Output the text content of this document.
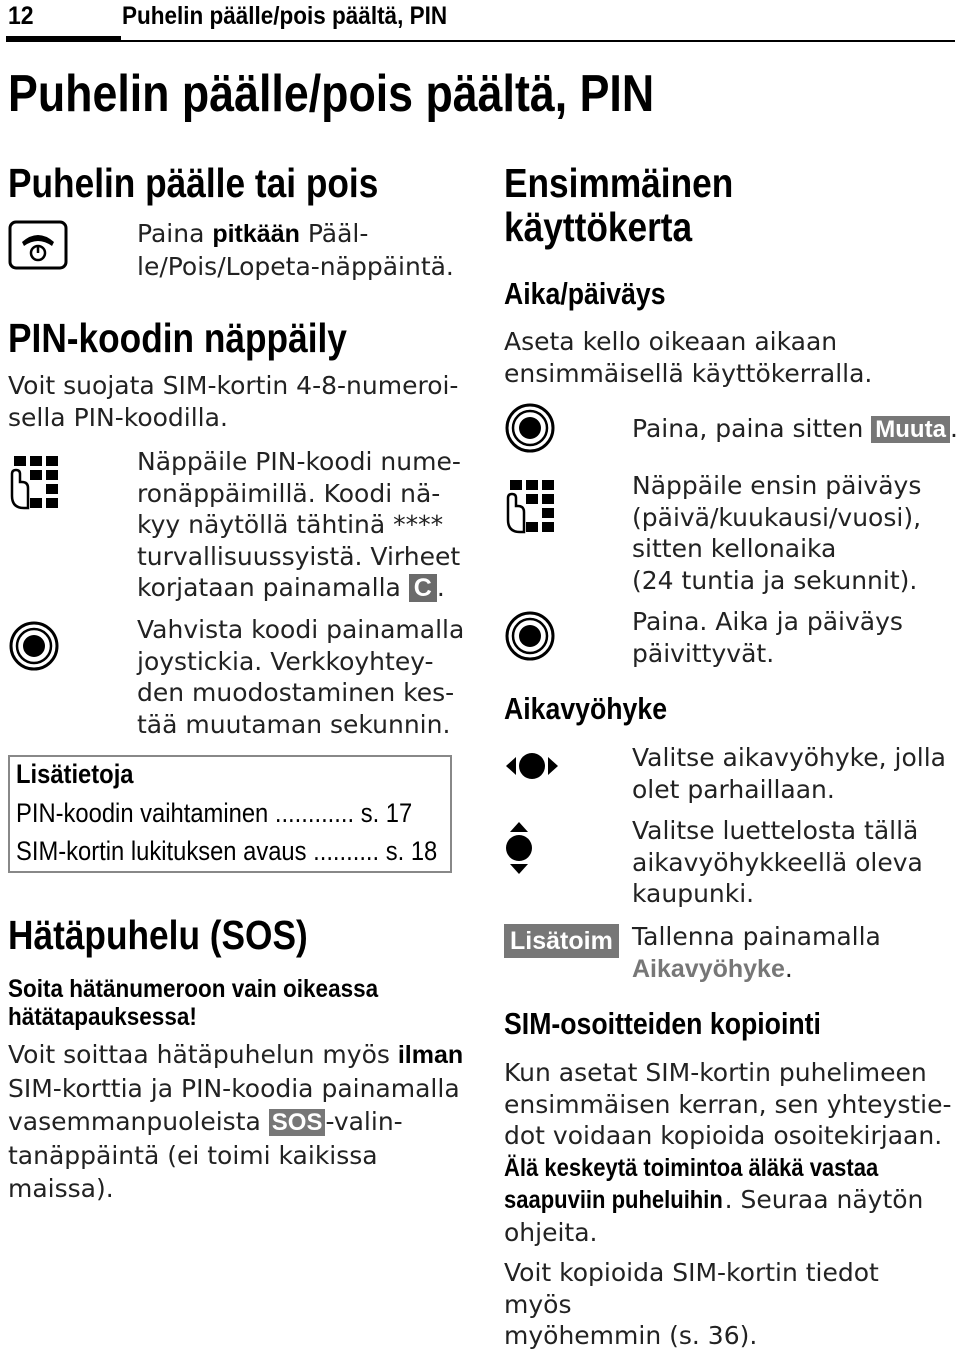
12	Puhelin päälle/pois päältä, PIN
Puhelin päälle/pois päältä, PIN
Puhelin päälle tai pois
Paina pitkään Pääl-
le/Pois/Lopeta-näppäintä.
PIN-koodin näppäily
Voit suojata SIM-kortin 4-8-numeroi-
sella PIN-koodilla.
Näppäile PIN-koodi nume-
ronäppäimillä. Koodi nä-
kyy näytöllä tähtinä ****
turvallisuussyistä. Virheet
korjataan painamalla C .
Vahvista koodi painamalla
joystickia. Verkkoyhtey-
den muodostaminen kes-
tää muutaman sekunnin.
Lisätietoja
PIN-koodin vaihtaminen ............ s. 17
SIM-kortin lukituksen avaus .......... s. 18
Hätäpuhelu (SOS)
Soita hätänumeroon vain oikeassa
hätätapauksessa!
Voit soittaa hätäpuhelun myös ilman
SIM-korttia ja PIN-koodia painamalla
vasemmanpuoleista SOS -valin-
tanäppäintä (ei toimi kaikissa
maissa).
Ensimmäinen
käyttökerta
Aika/päiväys
Aseta kello oikeaan aikaan
ensimmäisellä käyttökerralla.
Paina, paina sitten Muuta .
Näppäile ensin päiväys
(päivä/kuukausi/vuosi),
sitten kellonaika
(24 tuntia ja sekunnit).
Paina. Aika ja päiväys
päivittyvät.
Aikavyöhyke
Valitse aikavyöhyke, jolla
olet parhaillaan.
Valitse luettelosta tällä
aikavyöhykkeellä oleva
kaupunki.
Lisätoim Tallenna painamalla
Aikavyöhyke.
SIM-osoitteiden kopiointi
Kun asetat SIM-kortin puhelimeen
ensimmäisen kerran, sen yhteystie-
dot voidaan kopioida osoitekirjaan.
Älä keskeytä toimintoa äläkä vastaa
saapuviin puheluihin. Seuraa näytön
ohjeita.
Voit kopioida SIM-kortin tiedot myös
myöhemmin (s. 36).
